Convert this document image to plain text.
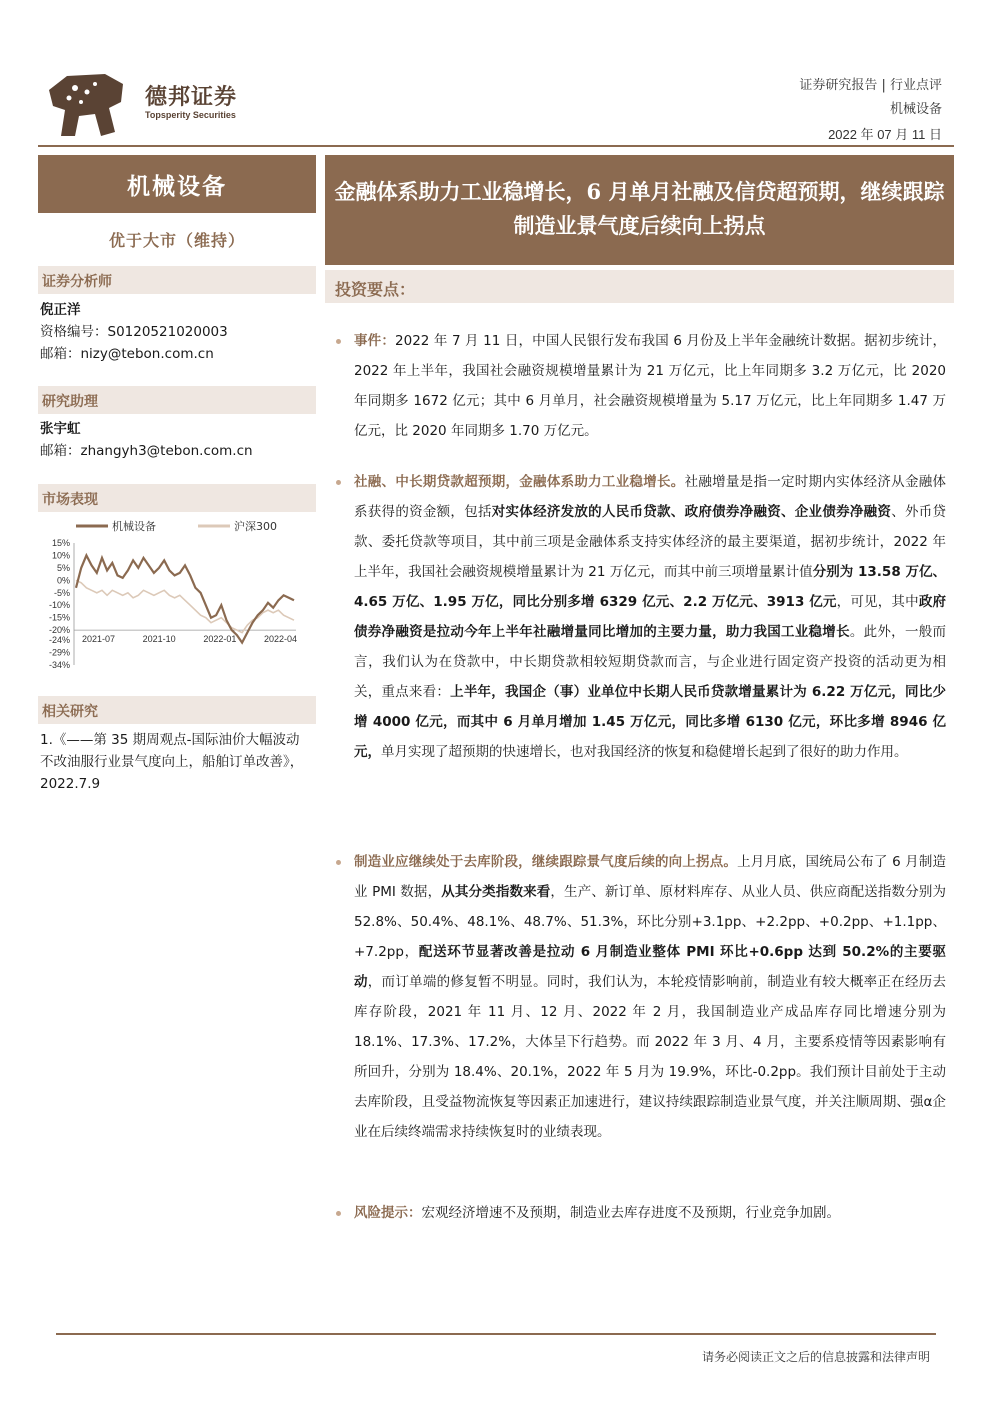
德邦证券
Topsperity Securities
证券研究报告 | 行业点评
机械设备
2022 年 07 月 11 日
机械设备
优于大市（维持）
证券分析师
倪正洋
资格编号：S0120521020003
邮箱：nizy@tebon.com.cn
研究助理
张宇虹
邮箱：zhangyh3@tebon.com.cn
市场表现
机械设备	沪深300
15%
10%
5%
0%
-5%
-10%
-15%
-20%
-24%
-29%
-34%
2021-07	2021-10	2022-01	2022-04
相关研究
1.《——第 35 期周观点-国际油价大幅波动不改油服行业景气度向上，船舶订单改善》，2022.7.9
金融体系助力工业稳增长，6 月单月社融及信贷超预期，继续跟踪制造业景气度后续向上拐点
投资要点：
事件：2022 年 7 月 11 日，中国人民银行发布我国 6 月份及上半年金融统计数据。据初步统计，2022 年上半年，我国社会融资规模增量累计为 21 万亿元，比上年同期多 3.2 万亿元，比 2020 年同期多 1672 亿元；其中 6 月单月，社会融资规模增量为 5.17 万亿元，比上年同期多 1.47 万亿元，比 2020 年同期多 1.70 万亿元。
社融、中长期贷款超预期，金融体系助力工业稳增长。社融增量是指一定时期内实体经济从金融体系获得的资金额，包括对实体经济发放的人民币贷款、政府债券净融资、企业债券净融资、外币贷款、委托贷款等项目，其中前三项是金融体系支持实体经济的最主要渠道，据初步统计，2022 年上半年，我国社会融资规模增量累计为 21 万亿元，而其中前三项增量累计值分别为 13.58 万亿、4.65 万亿、1.95 万亿，同比分别多增 6329 亿元、2.2 万亿元、3913 亿元，可见，其中政府债券净融资是拉动今年上半年社融增量同比增加的主要力量，助力我国工业稳增长。此外，一般而言，我们认为在贷款中，中长期贷款相较短期贷款而言，与企业进行固定资产投资的活动更为相关，重点来看：上半年，我国企（事）业单位中长期人民币贷款增量累计为 6.22 万亿元，同比少增 4000 亿元，而其中 6 月单月增加 1.45 万亿元，同比多增 6130 亿元，环比多增 8946 亿元，单月实现了超预期的快速增长，也对我国经济的恢复和稳健增长起到了很好的助力作用。
制造业应继续处于去库阶段，继续跟踪景气度后续的向上拐点。上月月底，国统局公布了 6 月制造业 PMI 数据，从其分类指数来看，生产、新订单、原材料库存、从业人员、供应商配送指数分别为 52.8%、50.4%、48.1%、48.7%、51.3%，环比分别+3.1pp、+2.2pp、+0.2pp、+1.1pp、+7.2pp，配送环节显著改善是拉动 6 月制造业整体 PMI 环比+0.6pp 达到 50.2%的主要驱动，而订单端的修复暂不明显。同时，我们认为，本轮疫情影响前，制造业有较大概率正在经历去库存阶段，2021 年 11 月、12 月、2022 年 2 月，我国制造业产成品库存同比增速分别为 18.1%、17.3%、17.2%，大体呈下行趋势。而 2022 年 3 月、4 月，主要系疫情等因素影响有所回升，分别为 18.4%、20.1%，2022 年 5 月为 19.9%，环比-0.2pp。我们预计目前处于主动去库阶段，且受益物流恢复等因素正加速进行，建议持续跟踪制造业景气度，并关注顺周期、强α企业在后续终端需求持续恢复时的业绩表现。
风险提示：宏观经济增速不及预期，制造业去库存进度不及预期，行业竞争加剧。
请务必阅读正文之后的信息披露和法律声明
